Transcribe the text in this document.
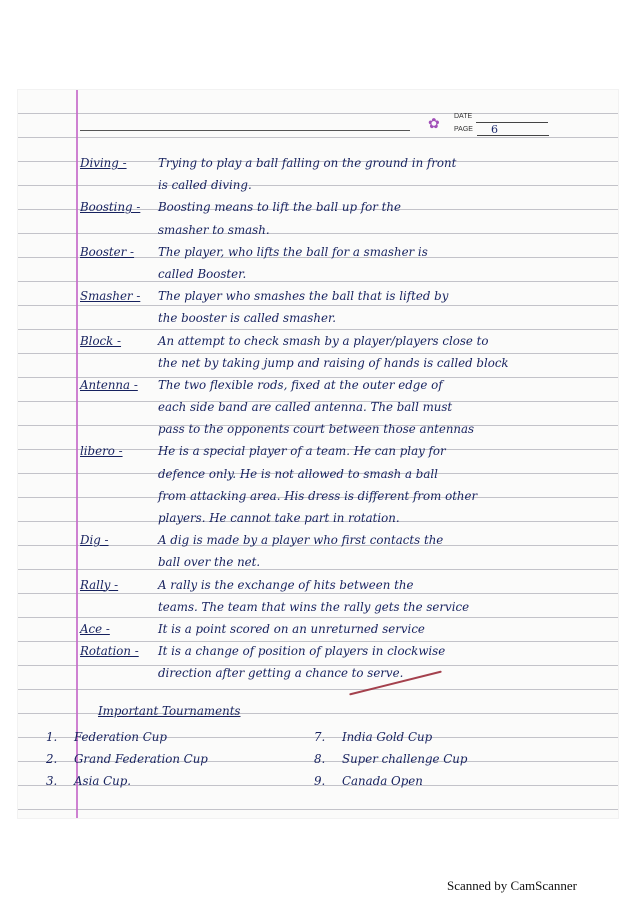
✿ DATE
PAGE	6
Diving -	Trying to play a ball falling on the ground in front
is called diving.
Boosting -	Boosting means to lift the ball up for the
smasher to smash.
Booster -	The player, who lifts the ball for a smasher is
called Booster.
Smasher -	The player who smashes the ball that is lifted by
the booster is called smasher.
Block -	An attempt to check smash by a player/players close to
the net by taking jump and raising of hands is called block
Antenna -	The two flexible rods, fixed at the outer edge of
each side band are called antenna. The ball must
pass to the opponents court between those antennas
libero -	He is a special player of a team. He can play for
defence only. He is not allowed to smash a ball
from attacking area. His dress is different from other
players. He cannot take part in rotation.
Dig -	A dig is made by a player who first contacts the
ball over the net.
Rally -	A rally is the exchange of hits between the
teams. The team that wins the rally gets the service
Ace -	It is a point scored on an unreturned service
Rotation -	It is a change of position of players in clockwise
direction after getting a chance to serve.
Important Tournaments
1.	Federation Cup	7.	India Gold Cup
2.	Grand Federation Cup	8.	Super challenge Cup
3.	Asia Cup.	9.	Canada Open
Scanned by CamScanner
